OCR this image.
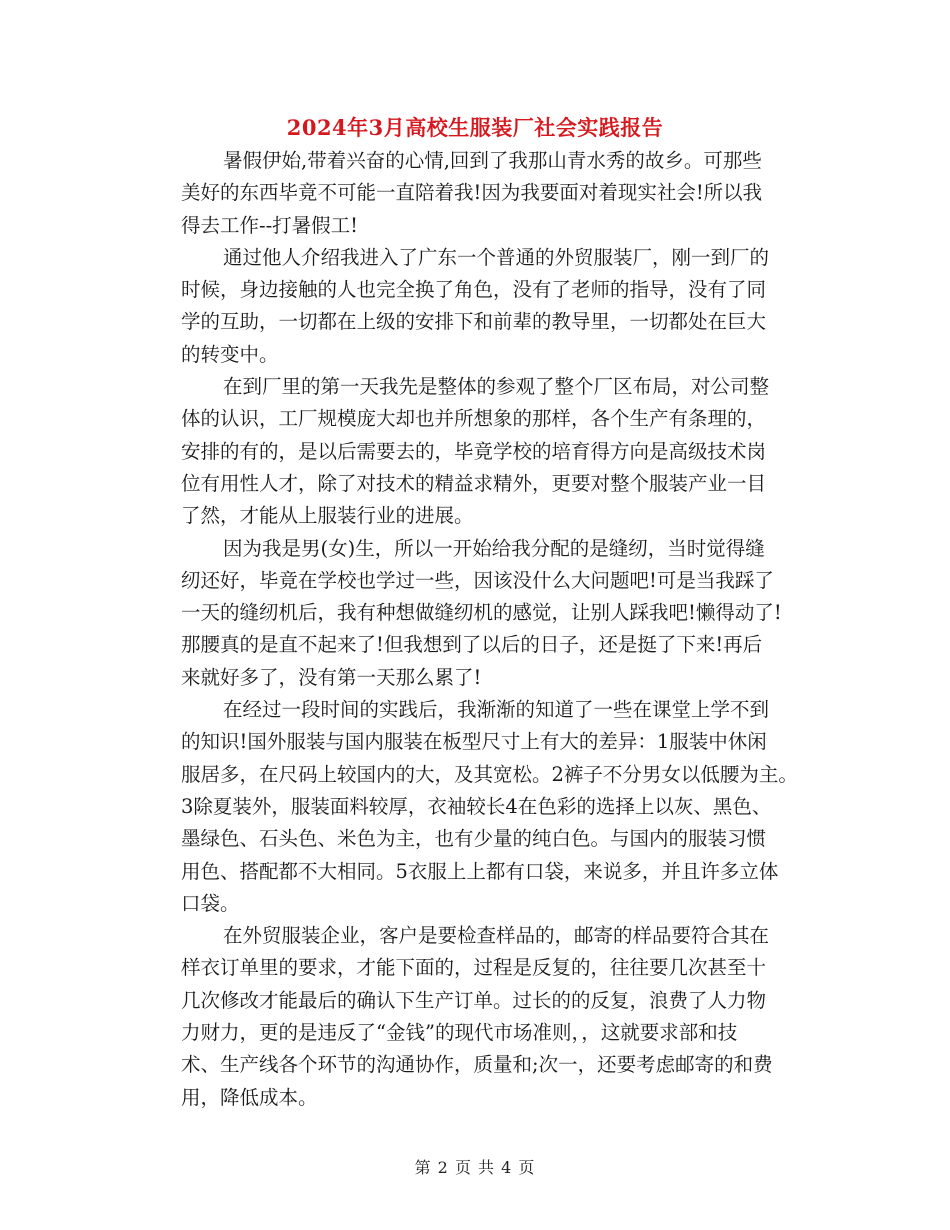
2024年3月高校生服装厂社会实践报告

暑假伊始,带着兴奋的心情,回到了我那山青水秀的故乡。可那些
美好的东西毕竟不可能一直陪着我!因为我要面对着现实社会!所以我
得去工作--打暑假工!

通过他人介绍我进入了广东一个普通的外贸服装厂，刚一到厂的
时候，身边接触的人也完全换了角色，没有了老师的指导，没有了同
学的互助，一切都在上级的安排下和前辈的教导里，一切都处在巨大
的转变中。

在到厂里的第一天我先是整体的参观了整个厂区布局，对公司整
体的认识，工厂规模庞大却也并所想象的那样，各个生产有条理的，
安排的有的，是以后需要去的，毕竟学校的培育得方向是高级技术岗
位有用性人才，除了对技术的精益求精外，更要对整个服装产业一目
了然，才能从上服装行业的进展。

因为我是男(女)生，所以一开始给我分配的是缝纫，当时觉得缝
纫还好，毕竟在学校也学过一些，因该没什么大问题吧!可是当我踩了
一天的缝纫机后，我有种想做缝纫机的感觉，让别人踩我吧!懒得动了!
那腰真的是直不起来了!但我想到了以后的日子，还是挺了下来!再后
来就好多了，没有第一天那么累了!

在经过一段时间的实践后，我渐渐的知道了一些在课堂上学不到
的知识!国外服装与国内服装在板型尺寸上有大的差异：1服装中休闲
服居多，在尺码上较国内的大，及其宽松。2裤子不分男女以低腰为主。
3除夏装外，服装面料较厚，衣袖较长4在色彩的选择上以灰、黑色、
墨绿色、石头色、米色为主，也有少量的纯白色。与国内的服装习惯
用色、搭配都不大相同。5衣服上上都有口袋，来说多，并且许多立体
口袋。

在外贸服装企业，客户是要检查样品的，邮寄的样品要符合其在
样衣订单里的要求，才能下面的，过程是反复的，往往要几次甚至十
几次修改才能最后的确认下生产订单。过长的的反复，浪费了人力物
力财力，更的是违反了“金钱”的现代市场准则，，这就要求部和技
术、生产线各个环节的沟通协作，质量和;次一，还要考虑邮寄的和费
用，降低成本。

第 2 页 共 4 页
